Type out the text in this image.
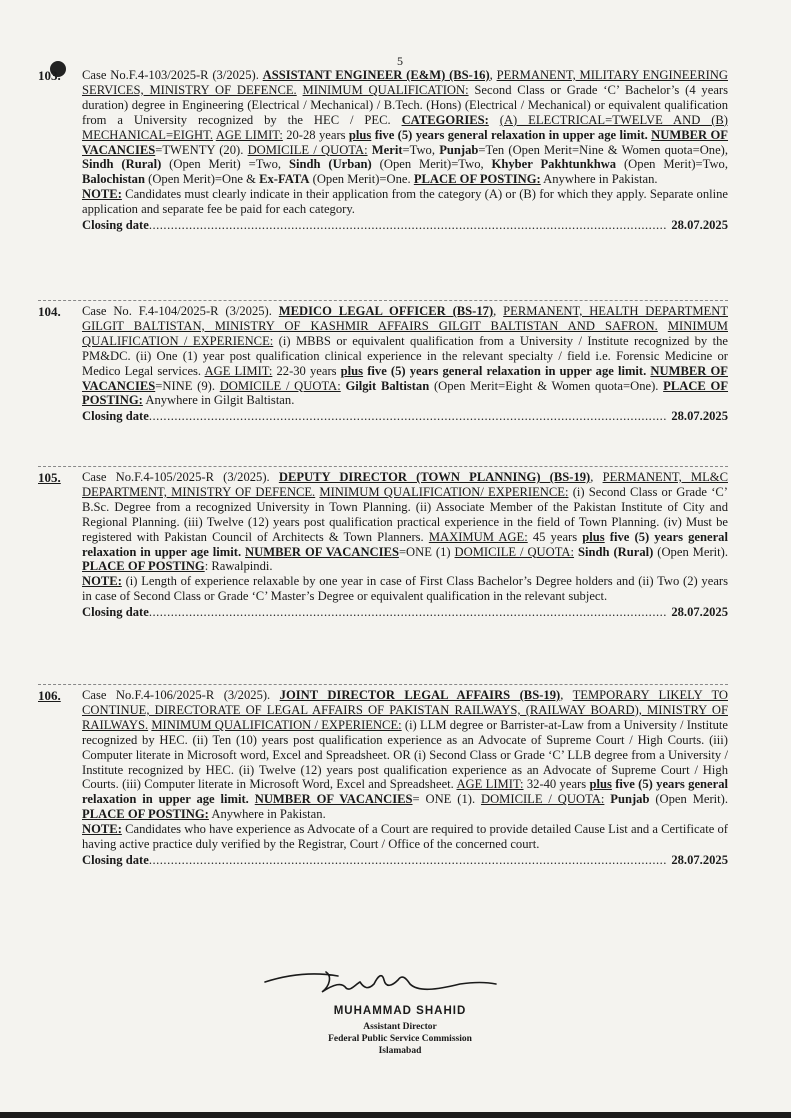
5
103.	Case No.F.4-103/2025-R (3/2025). ASSISTANT ENGINEER (E&M) (BS-16), PERMANENT, MILITARY ENGINEERING SERVICES, MINISTRY OF DEFENCE. MINIMUM QUALIFICATION: Second Class or Grade ‘C’ Bachelor’s (4 years duration) degree in Engineering (Electrical / Mechanical) / B.Tech. (Hons) (Electrical / Mechanical) or equivalent qualification from a University recognized by the HEC / PEC. CATEGORIES: (A) ELECTRICAL=TWELVE AND (B) MECHANICAL=EIGHT. AGE LIMIT: 20-28 years plus five (5) years general relaxation in upper age limit. NUMBER OF VACANCIES=TWENTY (20). DOMICILE / QUOTA: Merit=Two, Punjab=Ten (Open Merit=Nine & Women quota=One), Sindh (Rural) (Open Merit) =Two, Sindh (Urban) (Open Merit)=Two, Khyber Pakhtunkhwa (Open Merit)=Two, Balochistan (Open Merit)=One & Ex-FATA (Open Merit)=One. PLACE OF POSTING: Anywhere in Pakistan.
NOTE: Candidates must clearly indicate in their application from the category (A) or (B) for which they apply. Separate online application and separate fee be paid for each category.
Closing date .....	28.07.2025
104.	Case No. F.4-104/2025-R (3/2025). MEDICO LEGAL OFFICER (BS-17), PERMANENT, HEALTH DEPARTMENT GILGIT BALTISTAN, MINISTRY OF KASHMIR AFFAIRS GILGIT BALTISTAN AND SAFRON. MINIMUM QUALIFICATION / EXPERIENCE: (i) MBBS or equivalent qualification from a University / Institute recognized by the PM&DC. (ii) One (1) year post qualification clinical experience in the relevant specialty / field i.e. Forensic Medicine or Medico Legal services. AGE LIMIT: 22-30 years plus five (5) years general relaxation in upper age limit. NUMBER OF VACANCIES=NINE (9). DOMICILE / QUOTA: Gilgit Baltistan (Open Merit=Eight & Women quota=One). PLACE OF POSTING: Anywhere in Gilgit Baltistan.
Closing date .....	28.07.2025
105.	Case No.F.4-105/2025-R (3/2025). DEPUTY DIRECTOR (TOWN PLANNING) (BS-19), PERMANENT, ML&C DEPARTMENT, MINISTRY OF DEFENCE. MINIMUM QUALIFICATION/ EXPERIENCE: (i) Second Class or Grade ‘C’ B.Sc. Degree from a recognized University in Town Planning. (ii) Associate Member of the Pakistan Institute of City and Regional Planning. (iii) Twelve (12) years post qualification practical experience in the field of Town Planning. (iv) Must be registered with Pakistan Council of Architects & Town Planners. MAXIMUM AGE: 45 years plus five (5) years general relaxation in upper age limit. NUMBER OF VACANCIES=ONE (1) DOMICILE / QUOTA: Sindh (Rural) (Open Merit). PLACE OF POSTING: Rawalpindi.
NOTE: (i) Length of experience relaxable by one year in case of First Class Bachelor’s Degree holders and (ii) Two (2) years in case of Second Class or Grade ‘C’ Master’s Degree or equivalent qualification in the relevant subject.
Closing date .....	28.07.2025
106.	Case No.F.4-106/2025-R (3/2025). JOINT DIRECTOR LEGAL AFFAIRS (BS-19), TEMPORARY LIKELY TO CONTINUE, DIRECTORATE OF LEGAL AFFAIRS OF PAKISTAN RAILWAYS, (RAILWAY BOARD), MINISTRY OF RAILWAYS. MINIMUM QUALIFICATION / EXPERIENCE: (i) LLM degree or Barrister-at-Law from a University / Institute recognized by HEC. (ii) Ten (10) years post qualification experience as an Advocate of Supreme Court / High Courts. (iii) Computer literate in Microsoft word, Excel and Spreadsheet. OR (i) Second Class or Grade ‘C’ LLB degree from a University / Institute recognized by HEC. (ii) Twelve (12) years post qualification experience as an Advocate of Supreme Court / High Courts. (iii) Computer literate in Microsoft Word, Excel and Spreadsheet. AGE LIMIT: 32-40 years plus five (5) years general relaxation in upper age limit. NUMBER OF VACANCIES= ONE (1). DOMICILE / QUOTA: Punjab (Open Merit). PLACE OF POSTING: Anywhere in Pakistan.
NOTE: Candidates who have experience as Advocate of a Court are required to provide detailed Cause List and a Certificate of having active practice duly verified by the Registrar, Court / Office of the concerned court.
Closing date .....	28.07.2025
MUHAMMAD SHAHID
Assistant Director
Federal Public Service Commission
Islamabad
